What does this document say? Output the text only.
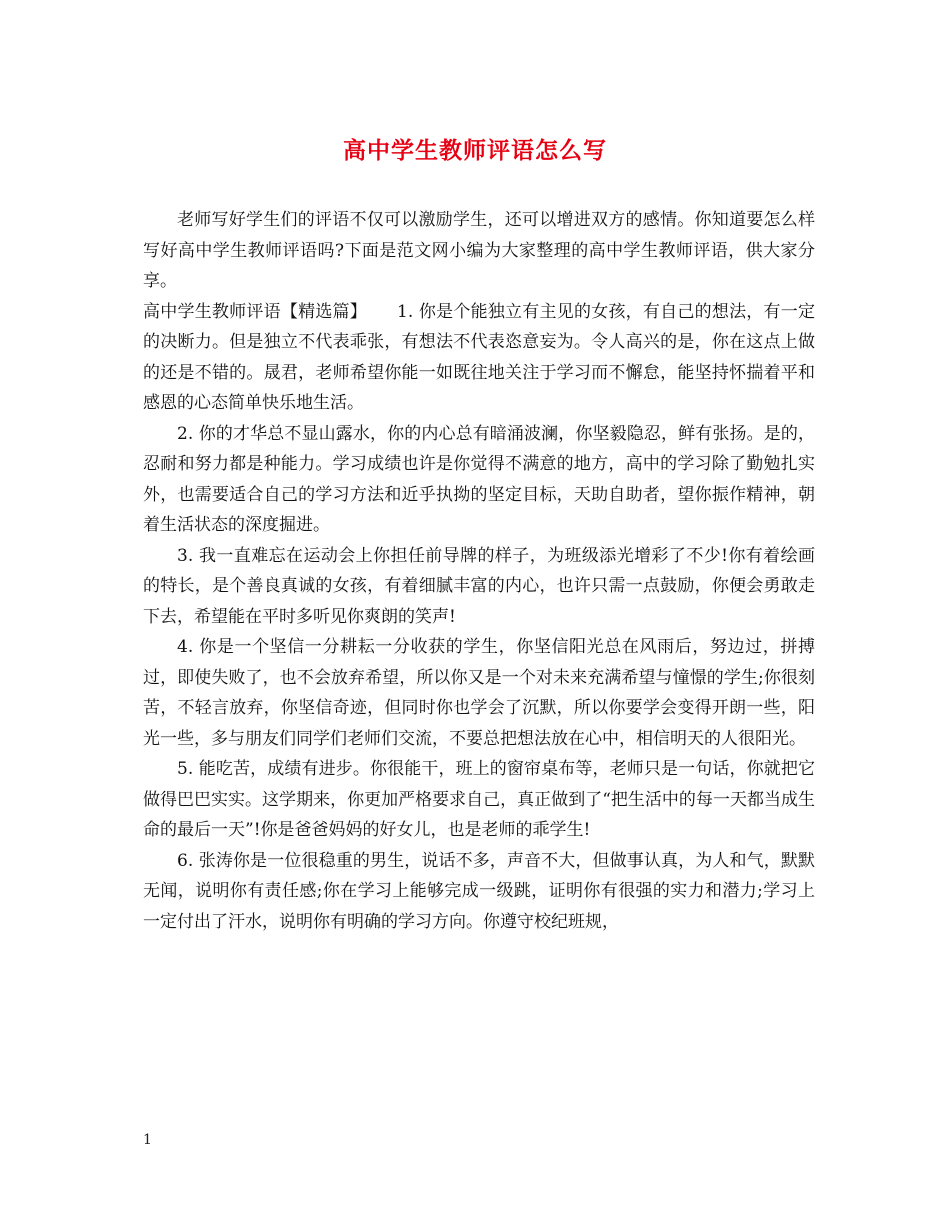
高中学生教师评语怎么写

老师写好学生们的评语不仅可以激励学生，还可以增进双方的感情。你知道要怎么样写好高中学生教师评语吗?下面是范文网小编为大家整理的高中学生教师评语，供大家分享。

高中学生教师评语【精选篇】 1. 你是个能独立有主见的女孩，有自己的想法，有一定的决断力。但是独立不代表乖张，有想法不代表恣意妄为。令人高兴的是，你在这点上做的还是不错的。晟君，老师希望你能一如既往地关注于学习而不懈怠，能坚持怀揣着平和感恩的心态简单快乐地生活。

2. 你的才华总不显山露水，你的内心总有暗涌波澜，你坚毅隐忍，鲜有张扬。是的，忍耐和努力都是种能力。学习成绩也许是你觉得不满意的地方，高中的学习除了勤勉扎实外，也需要适合自己的学习方法和近乎执拗的坚定目标，天助自助者，望你振作精神，朝着生活状态的深度掘进。

3. 我一直难忘在运动会上你担任前导牌的样子，为班级添光增彩了不少!你有着绘画的特长，是个善良真诚的女孩，有着细腻丰富的内心，也许只需一点鼓励，你便会勇敢走下去，希望能在平时多听见你爽朗的笑声!

4. 你是一个坚信一分耕耘一分收获的学生，你坚信阳光总在风雨后，努边过，拼搏过，即使失败了，也不会放弃希望，所以你又是一个对未来充满希望与憧憬的学生;你很刻苦，不轻言放弃，你坚信奇迹，但同时你也学会了沉默，所以你要学会变得开朗一些，阳光一些，多与朋友们同学们老师们交流，不要总把想法放在心中，相信明天的人很阳光。

5. 能吃苦，成绩有进步。你很能干，班上的窗帘桌布等，老师只是一句话，你就把它做得巴巴实实。这学期来，你更加严格要求自己，真正做到了“把生活中的每一天都当成生命的最后一天”!你是爸爸妈妈的好女儿，也是老师的乖学生!

6. 张涛你是一位很稳重的男生，说话不多，声音不大，但做事认真，为人和气，默默无闻，说明你有责任感;你在学习上能够完成一级跳，证明你有很强的实力和潜力;学习上一定付出了汗水，说明你有明确的学习方向。你遵守校纪班规，

1
